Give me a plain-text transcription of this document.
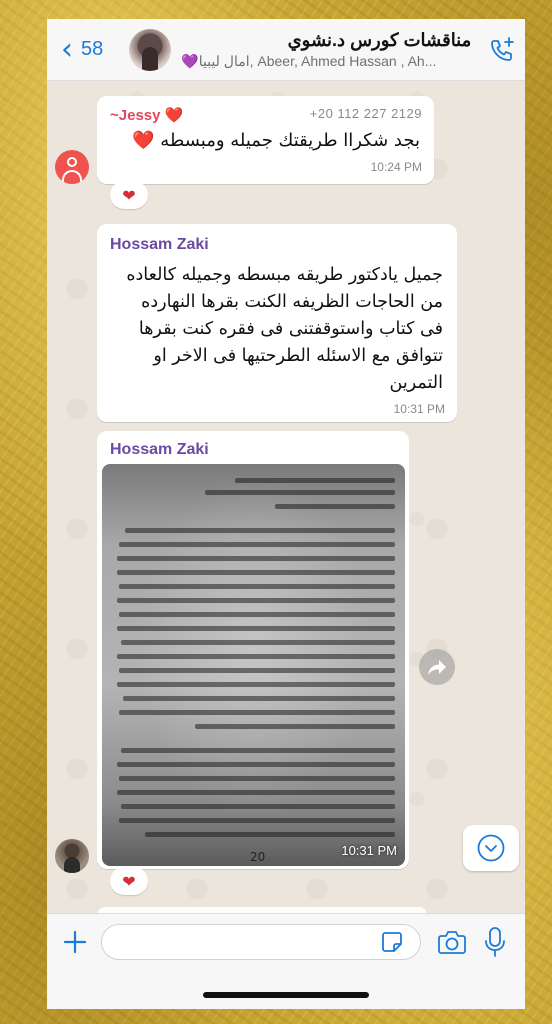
‹ 58	مناقشات كورس د.نشوي
💜امال ليبيا, Abeer, Ahmed Hassan , Ah...
~Jessy ❤️	+20 112 227 2129
بجد شكراا طريقتك جميله ومبسطه ❤️
10:24 PM
❤
Hossam Zaki
جميل يادكتور طريقه مبسطه وجميله كالعاده من الحاجات الظريفه الكنت بقرها النهارده فى كتاب واستوقفتنى فى فقره كنت بقرها تتوافق مع الاسئله الطرحتيها فى الاخر او التمرين
10:31 PM
Hossam Zaki
20	10:31 PM
❤
